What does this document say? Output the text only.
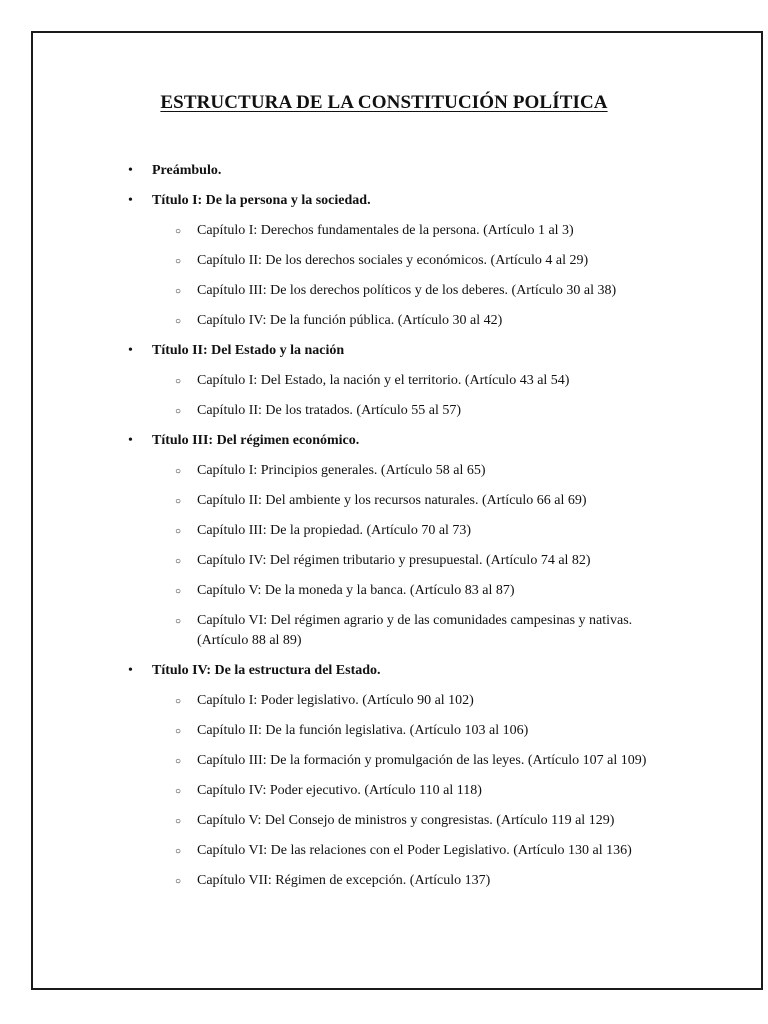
ESTRUCTURA DE LA CONSTITUCIÓN POLÍTICA
• Preámbulo.
• Título I: De la persona y la sociedad.
○ Capítulo I: Derechos fundamentales de la persona. (Artículo 1 al 3)
○ Capítulo II: De los derechos sociales y económicos. (Artículo 4 al 29)
○ Capítulo III: De los derechos políticos y de los deberes. (Artículo 30 al 38)
○ Capítulo IV: De la función pública. (Artículo 30 al 42)
• Título II: Del Estado y la nación
○ Capítulo I: Del Estado, la nación y el territorio. (Artículo 43 al 54)
○ Capítulo II: De los tratados. (Artículo 55 al 57)
• Título III: Del régimen económico.
○ Capítulo I: Principios generales. (Artículo 58 al 65)
○ Capítulo II: Del ambiente y los recursos naturales. (Artículo 66 al 69)
○ Capítulo III: De la propiedad. (Artículo 70 al 73)
○ Capítulo IV: Del régimen tributario y presupuestal. (Artículo 74 al 82)
○ Capítulo V: De la moneda y la banca. (Artículo 83 al 87)
○ Capítulo VI: Del régimen agrario y de las comunidades campesinas y nativas. (Artículo 88 al 89)
• Título IV: De la estructura del Estado.
○ Capítulo I: Poder legislativo. (Artículo 90 al 102)
○ Capítulo II: De la función legislativa. (Artículo 103 al 106)
○ Capítulo III: De la formación y promulgación de las leyes. (Artículo 107 al 109)
○ Capítulo IV: Poder ejecutivo. (Artículo 110 al 118)
○ Capítulo V: Del Consejo de ministros y congresistas. (Artículo 119 al 129)
○ Capítulo VI: De las relaciones con el Poder Legislativo. (Artículo 130 al 136)
○ Capítulo VII: Régimen de excepción. (Artículo 137)
